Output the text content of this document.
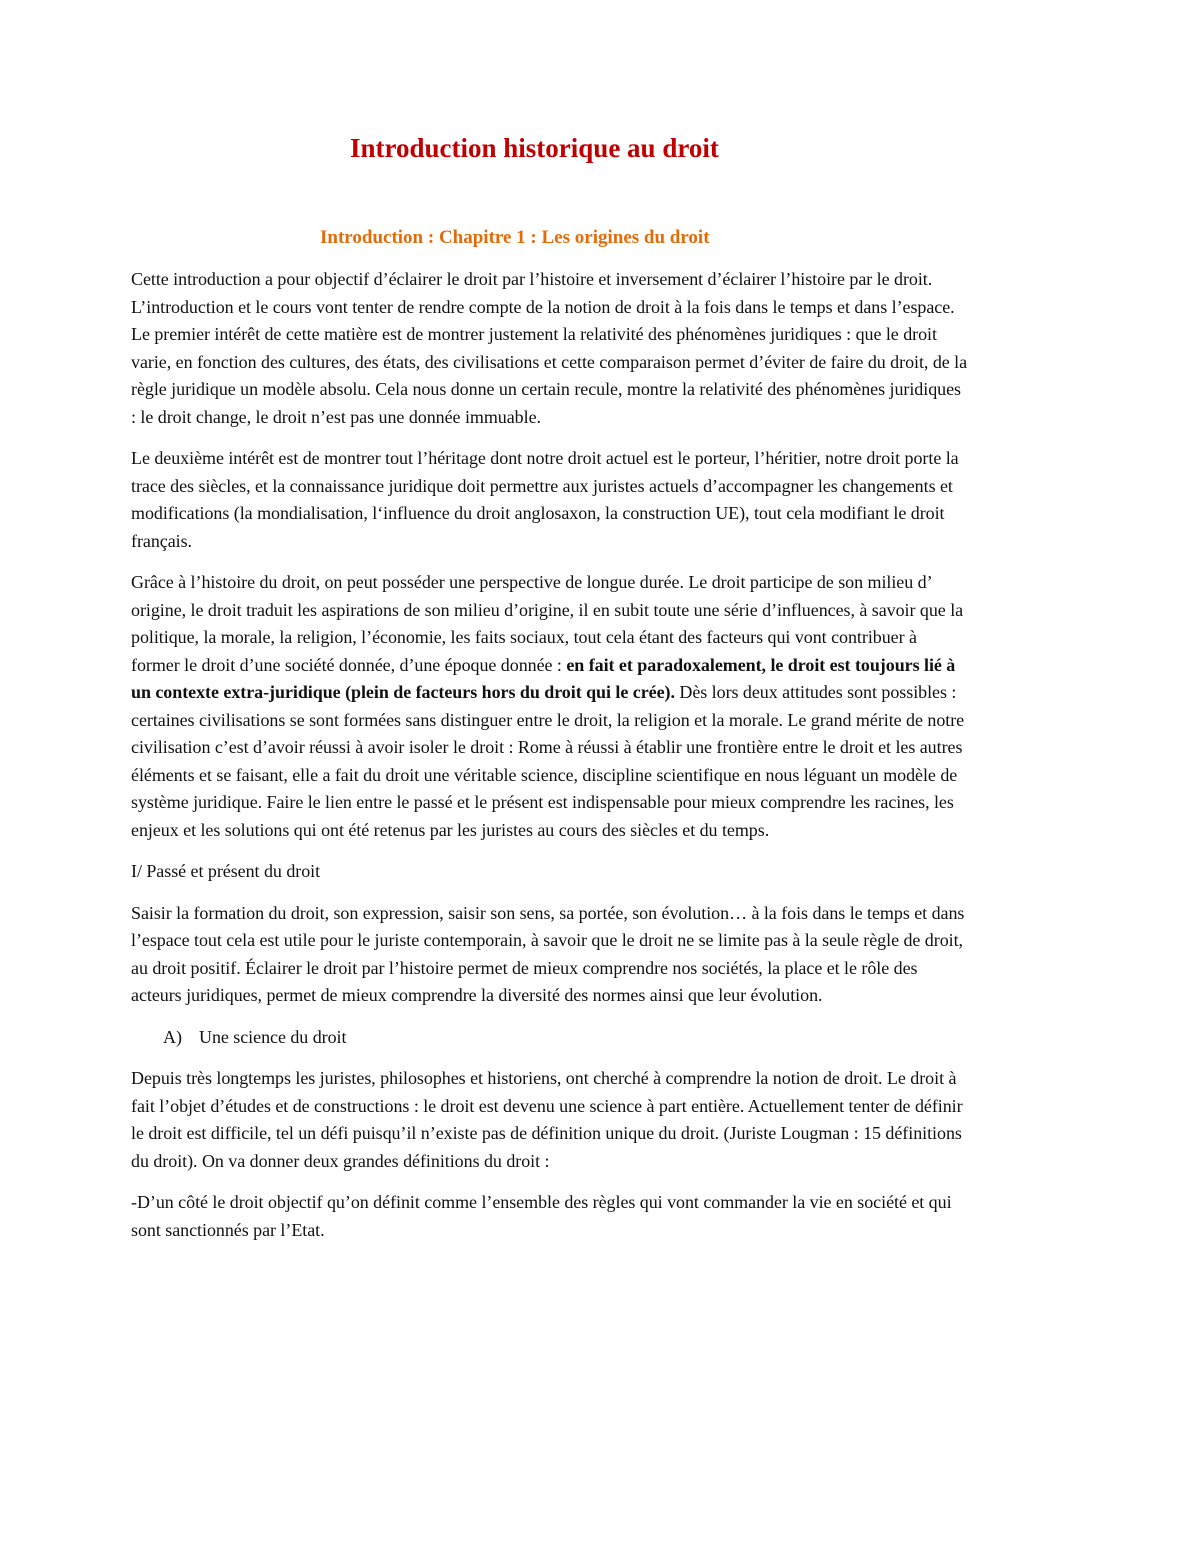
Introduction historique au droit
Introduction : Chapitre 1 : Les origines du droit

Cette introduction a pour objectif d’éclairer le droit par l’histoire et inversement d’éclairer l’histoire par le droit. L’introduction et le cours vont tenter de rendre compte de la notion de droit à la fois dans le temps et dans l’espace. Le premier intérêt de cette matière est de montrer justement la relativité des phénomènes juridiques : que le droit varie, en fonction des cultures, des états, des civilisations et cette comparaison permet d’éviter de faire du droit, de la règle juridique un modèle absolu. Cela nous donne un certain recule, montre la relativité des phénomènes juridiques : le droit change, le droit n’est pas une donnée immuable.

Le deuxième intérêt est de montrer tout l’héritage dont notre droit actuel est le porteur, l’héritier, notre droit porte la trace des siècles, et la connaissance juridique doit permettre aux juristes actuels d’accompagner les changements et modifications (la mondialisation, l‘influence du droit anglosaxon, la construction UE), tout cela modifiant le droit français.

Grâce à l’histoire du droit, on peut posséder une perspective de longue durée. Le droit participe de son milieu d’ origine, le droit traduit les aspirations de son milieu d’origine, il en subit toute une série d’influences, à savoir que la politique, la morale, la religion, l’économie, les faits sociaux, tout cela étant des facteurs qui vont contribuer à former le droit d’une société donnée, d’une époque donnée : en fait et paradoxalement, le droit est toujours lié à un contexte extra-juridique (plein de facteurs hors du droit qui le crée). Dès lors deux attitudes sont possibles : certaines civilisations se sont formées sans distinguer entre le droit, la religion et la morale. Le grand mérite de notre civilisation c’est d’avoir réussi à avoir isoler le droit : Rome à réussi à établir une frontière entre le droit et les autres éléments et se faisant, elle a fait du droit une véritable science, discipline scientifique en nous léguant un modèle de système juridique. Faire le lien entre le passé et le présent est indispensable pour mieux comprendre les racines, les enjeux et les solutions qui ont été retenus par les juristes au cours des siècles et du temps.

I/ Passé et présent du droit

Saisir la formation du droit, son expression, saisir son sens, sa portée, son évolution… à la fois dans le temps et dans l’espace tout cela est utile pour le juriste contemporain, à savoir que le droit ne se limite pas à la seule règle de droit, au droit positif. Éclairer le droit par l’histoire permet de mieux comprendre nos sociétés, la place et le rôle des acteurs juridiques, permet de mieux comprendre la diversité des normes ainsi que leur évolution.

A) Une science du droit

Depuis très longtemps les juristes, philosophes et historiens, ont cherché à comprendre la notion de droit. Le droit à fait l’objet d’études et de constructions : le droit est devenu une science à part entière. Actuellement tenter de définir le droit est difficile, tel un défi puisqu’il n’existe pas de définition unique du droit. (Juriste Lougman : 15 définitions du droit). On va donner deux grandes définitions du droit :

-D’un côté le droit objectif qu’on définit comme l’ensemble des règles qui vont commander la vie en société et qui sont sanctionnés par l’Etat.
